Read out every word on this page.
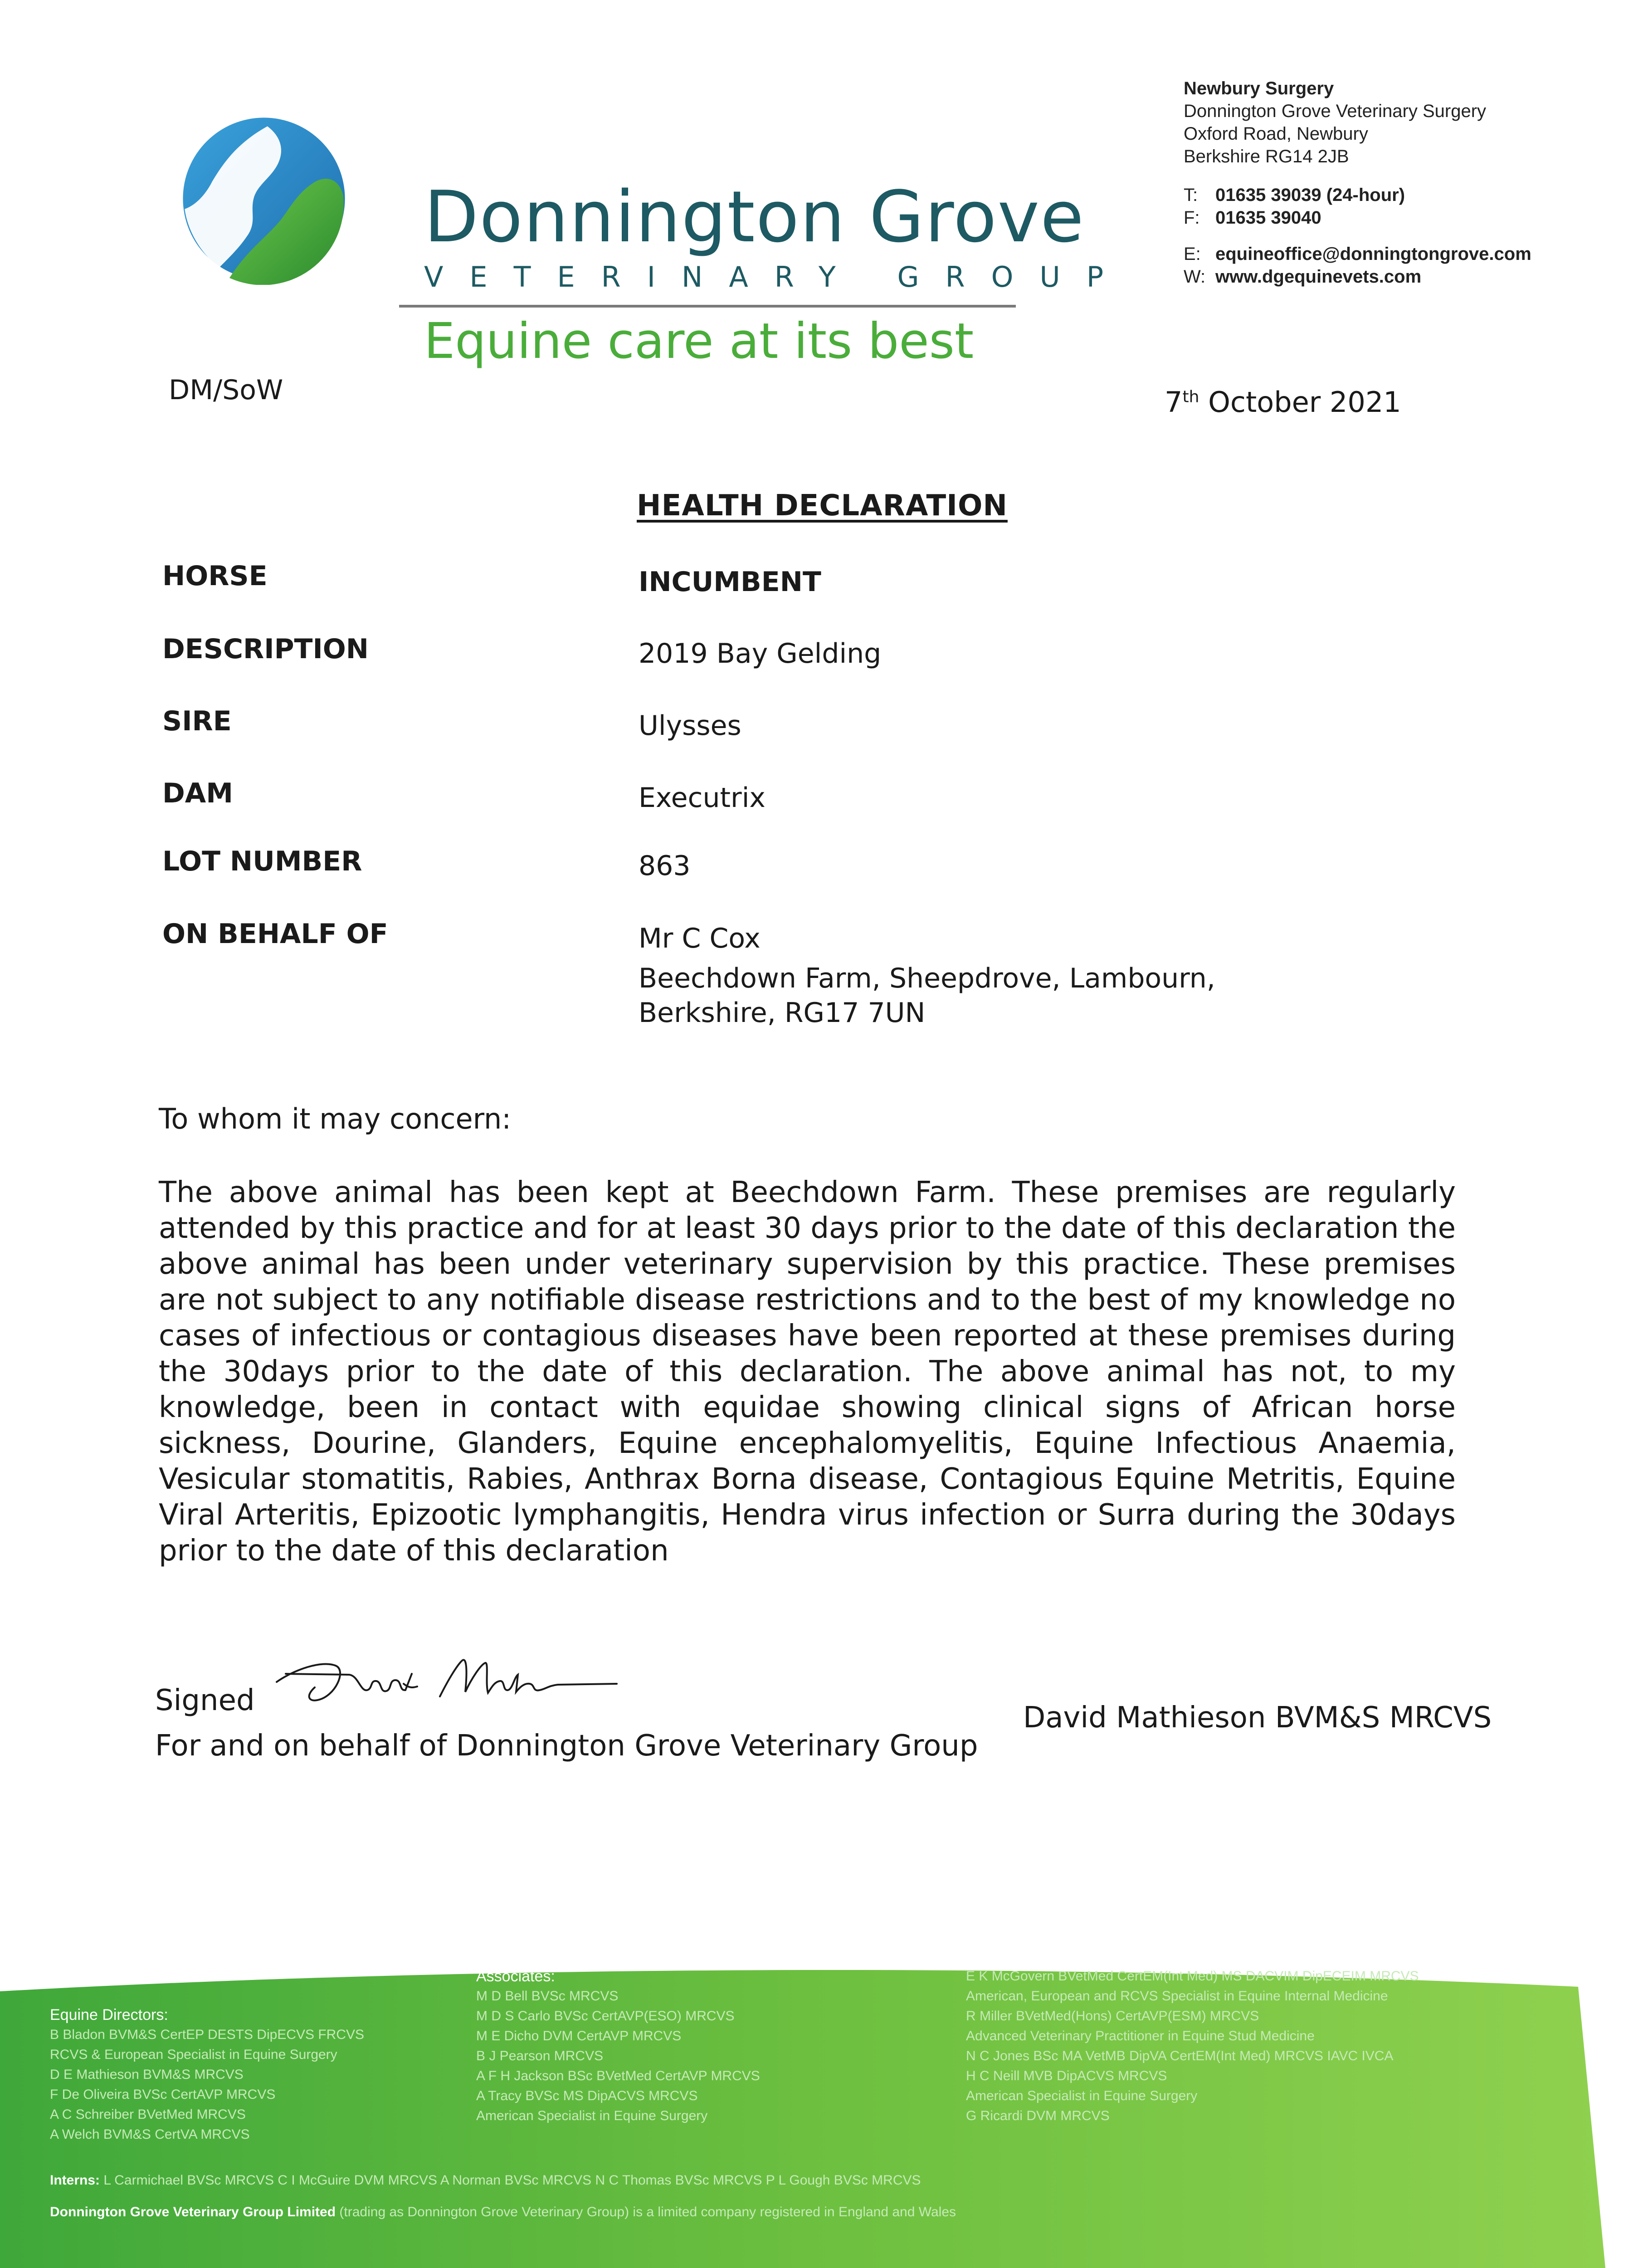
Donnington Grove
VETERINARY GROUP
Equine care at its best
Newbury Surgery
Donnington Grove Veterinary Surgery
Oxford Road, Newbury
Berkshire RG14 2JB
T: 01635 39039 (24-hour)
F: 01635 39040
E: equineoffice@donningtongrove.com
W: www.dgequinevets.com
DM/SoW	7th October 2021
HEALTH DECLARATION
HORSE	INCUMBENT
DESCRIPTION	2019 Bay Gelding
SIRE	Ulysses
DAM	Executrix
LOT NUMBER	863
ON BEHALF OF	Mr C Cox
Beechdown Farm, Sheepdrove, Lambourn,
Berkshire, RG17 7UN
To whom it may concern:
The above animal has been kept at Beechdown Farm. These premises are regularly attended by this practice and for at least 30 days prior to the date of this declaration the above animal has been under veterinary supervision by this practice. These premises are not subject to any notifiable disease restrictions and to the best of my knowledge no cases of infectious or contagious diseases have been reported at these premises during the 30days prior to the date of this declaration. The above animal has not, to my knowledge, been in contact with equidae showing clinical signs of African horse sickness, Dourine, Glanders, Equine encephalomyelitis, Equine Infectious Anaemia, Vesicular stomatitis, Rabies, Anthrax Borna disease, Contagious Equine Metritis, Equine Viral Arteritis, Epizootic lymphangitis, Hendra virus infection or Surra during the 30days prior to the date of this declaration
Signed
For and on behalf of Donnington Grove Veterinary Group
David Mathieson BVM&S MRCVS
Equine Directors:
B Bladon BVM&S CertEP DESTS DipECVS FRCVS
RCVS & European Specialist in Equine Surgery
D E Mathieson BVM&S MRCVS
F De Oliveira BVSc CertAVP MRCVS
A C Schreiber BVetMed MRCVS
A Welch BVM&S CertVA MRCVS
Associates:
M D Bell BVSc MRCVS
M D S Carlo BVSc CertAVP(ESO) MRCVS
M E Dicho DVM CertAVP MRCVS
B J Pearson MRCVS
A F H Jackson BSc BVetMed CertAVP MRCVS
A Tracy BVSc MS DipACVS MRCVS
American Specialist in Equine Surgery
E K McGovern BVetMed CertEM(Int Med) MS DACVIM DipECEIM MRCVS
American, European and RCVS Specialist in Equine Internal Medicine
R Miller BVetMed(Hons) CertAVP(ESM) MRCVS
Advanced Veterinary Practitioner in Equine Stud Medicine
N C Jones BSc MA VetMB DipVA CertEM(Int Med) MRCVS IAVC IVCA
H C Neill MVB DipACVS MRCVS
American Specialist in Equine Surgery
G Ricardi DVM MRCVS
Interns: L Carmichael BVSc MRCVS C I McGuire DVM MRCVS A Norman BVSc MRCVS N C Thomas BVSc MRCVS P L Gough BVSc MRCVS
Donnington Grove Veterinary Group Limited (trading as Donnington Grove Veterinary Group) is a limited company registered in England and Wales
